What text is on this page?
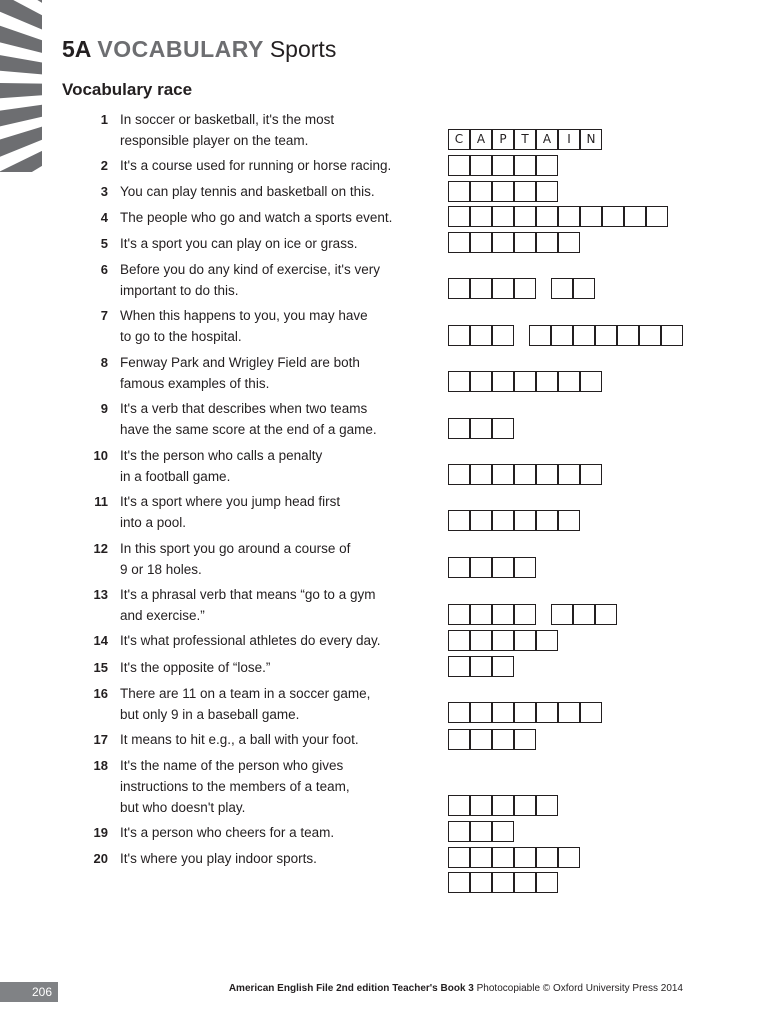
5A VOCABULARY Sports
Vocabulary race
1 In soccer or basketball, it's the most
responsible player on the team.	C	A	P	T	A	I	N
2 It's a course used for running or horse racing.
3 You can play tennis and basketball on this.
4 The people who go and watch a sports event.
5 It's a sport you can play on ice or grass.
6 Before you do any kind of exercise, it's very
important to do this.
7 When this happens to you, you may have
to go to the hospital.
8 Fenway Park and Wrigley Field are both
famous examples of this.
9 It's a verb that describes when two teams
have the same score at the end of a game.
10 It's the person who calls a penalty
in a football game.
11 It's a sport where you jump head first
into a pool.
12 In this sport you go around a course of
9 or 18 holes.
13 It's a phrasal verb that means “go to a gym
and exercise.”
14 It's what professional athletes do every day.
15 It's the opposite of “lose.”
16 There are 11 on a team in a soccer game,
but only 9 in a baseball game.
17 It means to hit e.g., a ball with your foot.
18 It's the name of the person who gives
instructions to the members of a team,
but who doesn't play.
19 It's a person who cheers for a team.
20 It's where you play indoor sports.
206	American English File 2nd edition Teacher's Book 3 Photocopiable © Oxford University Press 2014
